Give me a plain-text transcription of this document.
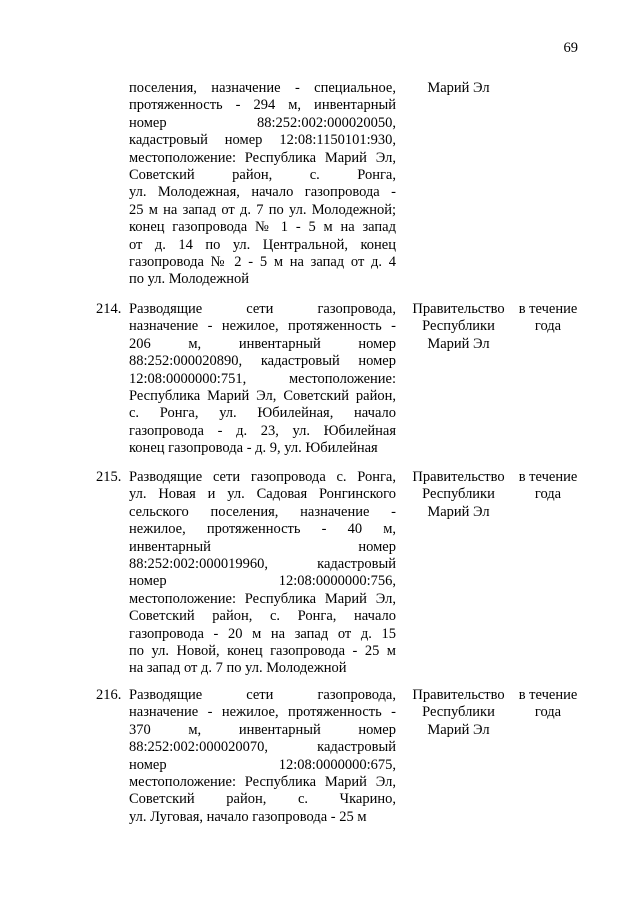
69
поселения, назначение - специальное,
протяженность - 294 м, инвентарный
номер 88:252:002:000020050,
кадастровый номер 12:08:1150101:930,
местоположение: Республика Марий Эл,
Советский район, с. Ронга,
ул. Молодежная, начало газопровода -
25 м на запад от д. 7 по ул. Молодежной;
конец газопровода № 1 - 5 м на запад
от д. 14 по ул. Центральной, конец
газопровода № 2 - 5 м на запад от д. 4
по ул. Молодежной
Марий Эл
214. Разводящие сети газопровода,
назначение - нежилое, протяженность -
206 м, инвентарный номер
88:252:000020890, кадастровый номер
12:08:0000000:751, местоположение:
Республика Марий Эл, Советский район,
с. Ронга, ул. Юбилейная, начало
газопровода - д. 23, ул. Юбилейная
конец газопровода - д. 9, ул. Юбилейная
Правительство
Республики
Марий Эл
в течение
года
215. Разводящие сети газопровода с. Ронга,
ул. Новая и ул. Садовая Ронгинского
сельского поселения, назначение -
нежилое, протяженность - 40 м,
инвентарный номер
88:252:002:000019960, кадастровый
номер 12:08:0000000:756,
местоположение: Республика Марий Эл,
Советский район, с. Ронга, начало
газопровода - 20 м на запад от д. 15
по ул. Новой, конец газопровода - 25 м
на запад от д. 7 по ул. Молодежной
Правительство
Республики
Марий Эл
в течение
года
216. Разводящие сети газопровода,
назначение - нежилое, протяженность -
370 м, инвентарный номер
88:252:002:000020070, кадастровый
номер 12:08:0000000:675,
местоположение: Республика Марий Эл,
Советский район, с. Чкарино,
ул. Луговая, начало газопровода - 25 м
Правительство
Республики
Марий Эл
в течение
года
